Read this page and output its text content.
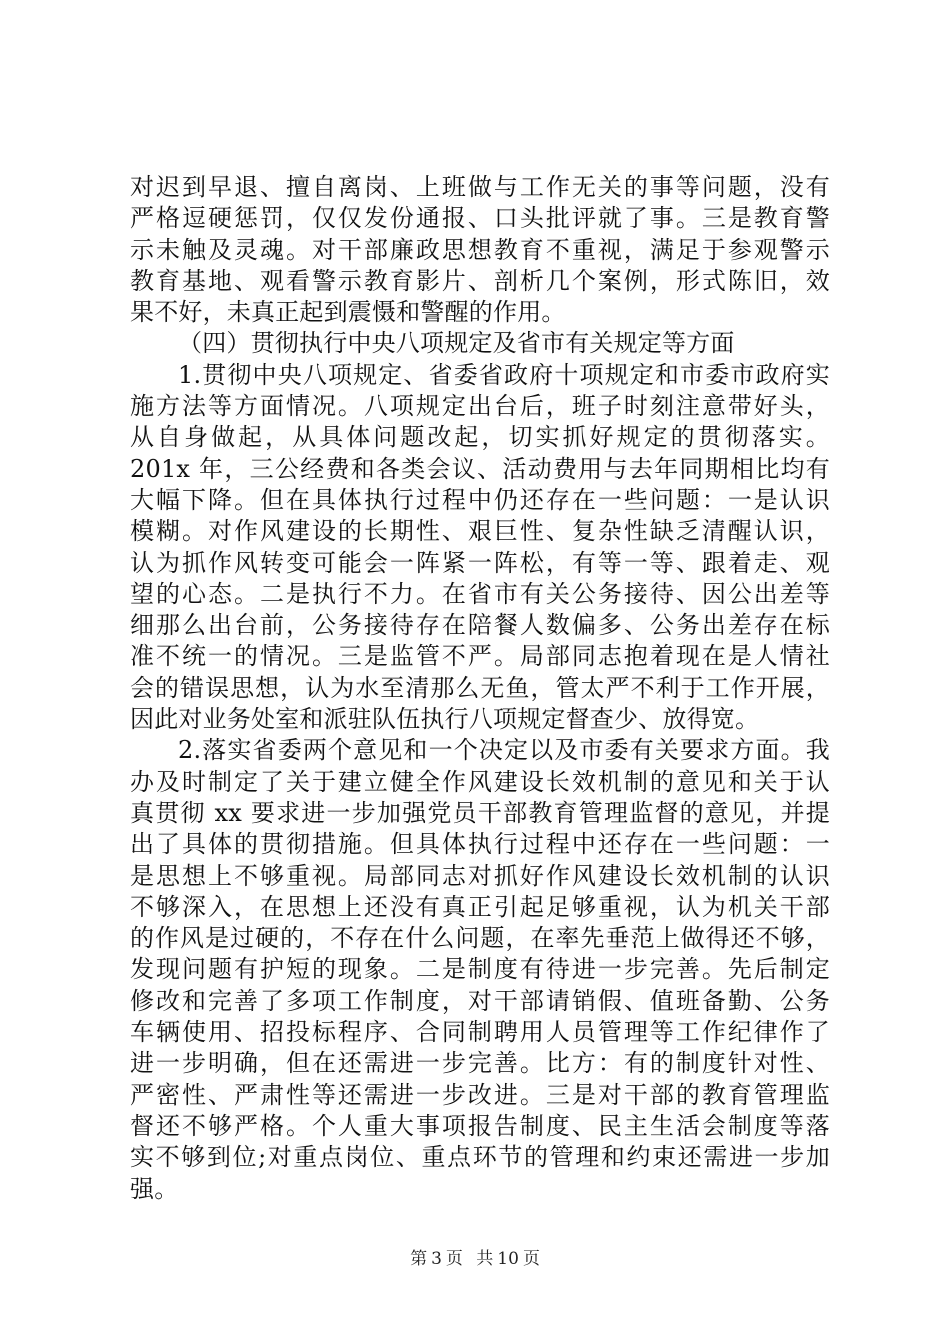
对迟到早退、擅自离岗、上班做与工作无关的事等问题，没有
严格逗硬惩罚，仅仅发份通报、口头批评就了事。三是教育警
示未触及灵魂。对干部廉政思想教育不重视，满足于参观警示
教育基地、观看警示教育影片、剖析几个案例，形式陈旧，效
果不好，未真正起到震慑和警醒的作用。
（四）贯彻执行中央八项规定及省市有关规定等方面
1.贯彻中央八项规定、省委省政府十项规定和市委市政府实
施方法等方面情况。八项规定出台后，班子时刻注意带好头，
从自身做起，从具体问题改起，切实抓好规定的贯彻落实。
201x 年，三公经费和各类会议、活动费用与去年同期相比均有
大幅下降。但在具体执行过程中仍还存在一些问题：一是认识
模糊。对作风建设的长期性、艰巨性、复杂性缺乏清醒认识，
认为抓作风转变可能会一阵紧一阵松，有等一等、跟着走、观
望的心态。二是执行不力。在省市有关公务接待、因公出差等
细那么出台前，公务接待存在陪餐人数偏多、公务出差存在标
准不统一的情况。三是监管不严。局部同志抱着现在是人情社
会的错误思想，认为水至清那么无鱼，管太严不利于工作开展，
因此对业务处室和派驻队伍执行八项规定督查少、放得宽。
2.落实省委两个意见和一个决定以及市委有关要求方面。我
办及时制定了关于建立健全作风建设长效机制的意见和关于认
真贯彻 xx 要求进一步加强党员干部教育管理监督的意见，并提
出了具体的贯彻措施。但具体执行过程中还存在一些问题：一
是思想上不够重视。局部同志对抓好作风建设长效机制的认识
不够深入，在思想上还没有真正引起足够重视，认为机关干部
的作风是过硬的，不存在什么问题，在率先垂范上做得还不够，
发现问题有护短的现象。二是制度有待进一步完善。先后制定
修改和完善了多项工作制度，对干部请销假、值班备勤、公务
车辆使用、招投标程序、合同制聘用人员管理等工作纪律作了
进一步明确，但在还需进一步完善。比方：有的制度针对性、
严密性、严肃性等还需进一步改进。三是对干部的教育管理监
督还不够严格。个人重大事项报告制度、民主生活会制度等落
实不够到位;对重点岗位、重点环节的管理和约束还需进一步加
强。
第 3 页 共 10 页
